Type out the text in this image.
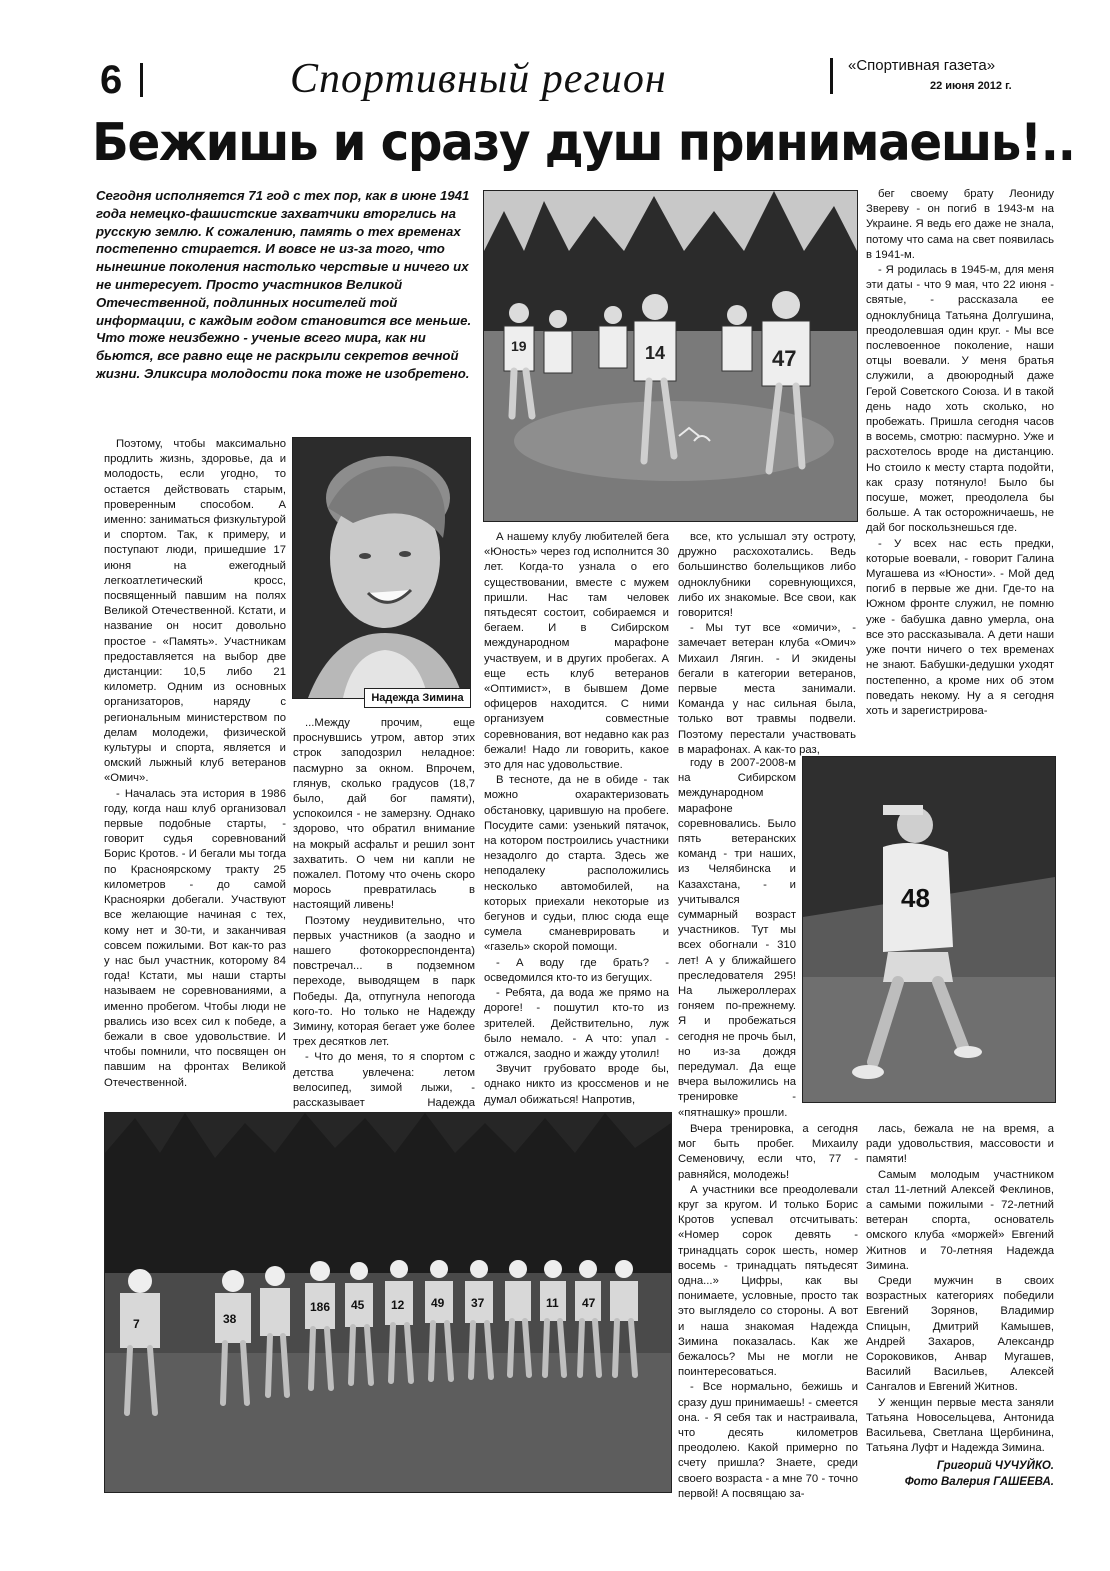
6	Спортивный регион	«Спортивная газета»
22 июня 2012 г.
Бежишь и сразу душ принимаешь!..
Сегодня исполняется 71 год с тех пор, как в июне 1941 года немецко-фашистские захватчики вторглись на русскую землю. К сожалению, память о тех временах постепенно стирается. И вовсе не из-за того, что нынешние поколения настолько черствые и ничего их не интересует. Просто участников Великой Отечественной, подлинных носителей той информации, с каждым годом становится все меньше. Что тоже неизбежно - ученые всего мира, как ни бьются, все равно еще не раскрыли секретов вечной жизни. Эликсира молодости пока тоже не изобретено.
19	14	47
Надежда Зимина

Поэтому, чтобы максимально продлить жизнь, здоровье, да и молодость, если угодно, то остается действовать старым, проверенным способом. А именно: заниматься физкультурой и спортом. Так, к примеру, и поступают люди, пришедшие 17 июня на ежегодный легкоатлетический кросс, посвященный павшим на полях Великой Отечественной. Кстати, и название он носит довольно простое - «Память». Участникам предоставляется на выбор две дистанции: 10,5 либо 21 километр. Одним из основных организаторов, наряду с региональным министерством по делам молодежи, физической культуры и спорта, является и омский лыжный клуб ветеранов «Омич».

- Началась эта история в 1986 году, когда наш клуб организовал первые подобные старты, - говорит судья соревнований Борис Кротов. - И бегали мы тогда по Красноярскому тракту 25 километров - до самой Красноярки добегали. Участвуют все желающие начиная с тех, кому нет и 30-ти, и заканчивая совсем пожилыми. Вот как-то раз у нас был участник, которому 84 года! Кстати, мы наши старты называем не соревнованиями, а именно пробегом. Чтобы люди не рвались изо всех сил к победе, а бежали в свое удовольствие. И чтобы помнили, что посвящен он павшим на фронтах Великой Отечественной.

...Между прочим, еще проснувшись утром, автор этих строк заподозрил неладное: пасмурно за окном. Впрочем, глянув, сколько градусов (18,7 было, дай бог памяти), успокоился - не замерзну. Однако здорово, что обратил внимание на мокрый асфальт и решил зонт захватить. О чем ни капли не пожалел. Потому что очень скоро морось превратилась в настоящий ливень!

Поэтому неудивительно, что первых участников (а заодно и нашего фотокорреспондента) повстречал... в подземном переходе, выводящем в парк Победы. Да, отпугнула непогода кого-то. Но только не Надежду Зимину, которая бегает уже более трех десятков лет.

- Что до меня, то я спортом с детства увлечена: летом велосипед, зимой лыжи, - рассказывает Надежда

А нашему клубу любителей бега «Юность» через год исполнится 30 лет. Когда-то узнала о его существовании, вместе с мужем пришли. Нас там человек пятьдесят состоит, собираемся и бегаем. И в Сибирском международном марафоне участвуем, и в других пробегах. А еще есть клуб ветеранов «Оптимист», в бывшем Доме офицеров находится. С ними организуем совместные соревнования, вот недавно как раз бежали! Надо ли говорить, какое это для нас удовольствие.

В тесноте, да не в обиде - так можно охарактеризовать обстановку, царившую на пробеге. Посудите сами: узенький пятачок, на котором построились участники незадолго до старта. Здесь же неподалеку расположились несколько автомобилей, на которых приехали некоторые из бегунов и судьи, плюс сюда еще сумела сманеврировать и «газель» скорой помощи.

- А воду где брать? - осведомился кто-то из бегущих.

- Ребята, да вода же прямо на дороге! - пошутил кто-то из зрителей. Действительно, луж было немало. - А что: упал - отжался, заодно и жажду утолил!

Звучит грубовато вроде бы, однако никто из кроссменов и не думал обижаться! Напротив,

все, кто услышал эту остроту, дружно расхохотались. Ведь большинство болельщиков либо одноклубники соревнующихся, либо их знакомые. Все свои, как говорится!

- Мы тут все «омичи», - замечает ветеран клуба «Омич» Михаил Лягин. - И экидены бегали в категории ветеранов, первые места занимали. Команда у нас сильная была, только вот травмы подвели. Поэтому перестали участвовать в марафонах. А как-то раз,

году в 2007-2008-м на Сибирском международном марафоне соревновались. Было пять ветеранских команд - три наших, из Челябинска и Казахстана, - и учитывался суммарный возраст участников. Тут мы всех обогнали - 310 лет! А у ближайшего преследователя 295! На лыжероллерах гоняем по-прежнему. Я и пробежаться сегодня не прочь был, но из-за дождя передумал. Да еще вчера выложились на тренировке - «пятнашку» прошли.

48

Вчера тренировка, а сегодня мог быть пробег. Михаилу Семеновичу, если что, 77 - равняйся, молодежь!

А участники все преодолевали круг за кругом. И только Борис Кротов успевал отсчитывать: «Номер сорок девять - тринадцать сорок шесть, номер восемь - тринадцать пятьдесят одна...» Цифры, как вы понимаете, условные, просто так это выглядело со стороны. А вот и наша знакомая Надежда Зимина показалась. Как же бежалось? Мы не могли не поинтересоваться.

- Все нормально, бежишь и сразу душ принимаешь! - смеется она. - Я себя так и настраивала, что десять километров преодолею. Какой примерно по счету пришла? Знаете, среди своего возраста - а мне 70 - точно первой! А посвящаю за-

бег своему брату Леониду Звереву - он погиб в 1943-м на Украине. Я ведь его даже не знала, потому что сама на свет появилась в 1941-м.

- Я родилась в 1945-м, для меня эти даты - что 9 мая, что 22 июня - святые, - рассказала ее одноклубница Татьяна Долгушина, преодолевшая один круг. - Мы все послевоенное поколение, наши отцы воевали. У меня братья служили, а двоюродный даже Герой Советского Союза. И в такой день надо хоть сколько, но пробежать. Пришла сегодня часов в восемь, смотрю: пасмурно. Уже и расхотелось вроде на дистанцию. Но стоило к месту старта подойти, как сразу потянуло! Было бы посуше, может, преодолела бы больше. А так осторожничаешь, не дай бог поскользнешься где.

- У всех нас есть предки, которые воевали, - говорит Галина Мугашева из «Юности». - Мой дед погиб в первые же дни. Где-то на Южном фронте служил, не помню уже - бабушка давно умерла, она все это рассказывала. А дети наши уже почти ничего о тех временах не знают. Бабушки-дедушки уходят постепенно, а кроме них об этом поведать некому. Ну а я сегодня хоть и зарегистрирова-

лась, бежала не на время, а ради удовольствия, массовости и памяти!

Самым молодым участником стал 11-летний Алексей Феклинов, а самыми пожилыми - 72-летний ветеран спорта, основатель омского клуба «моржей» Евгений Житнов и 70-летняя Надежда Зимина.

Среди мужчин в своих возрастных категориях победили Евгений Зорянов, Владимир Спицын, Дмитрий Камышев, Андрей Захаров, Александр Сороковиков, Анвар Мугашев, Василий Васильев, Алексей Сангалов и Евгений Житнов.

У женщин первые места заняли Татьяна Новосельцева, Антонида Васильева, Светлана Щербинина, Татьяна Луфт и Надежда Зимина.

Григорий ЧУЧУЙКО.
Фото Валерия ГАШЕЕВА.
7	38
186 45 12 49 37	11 47
